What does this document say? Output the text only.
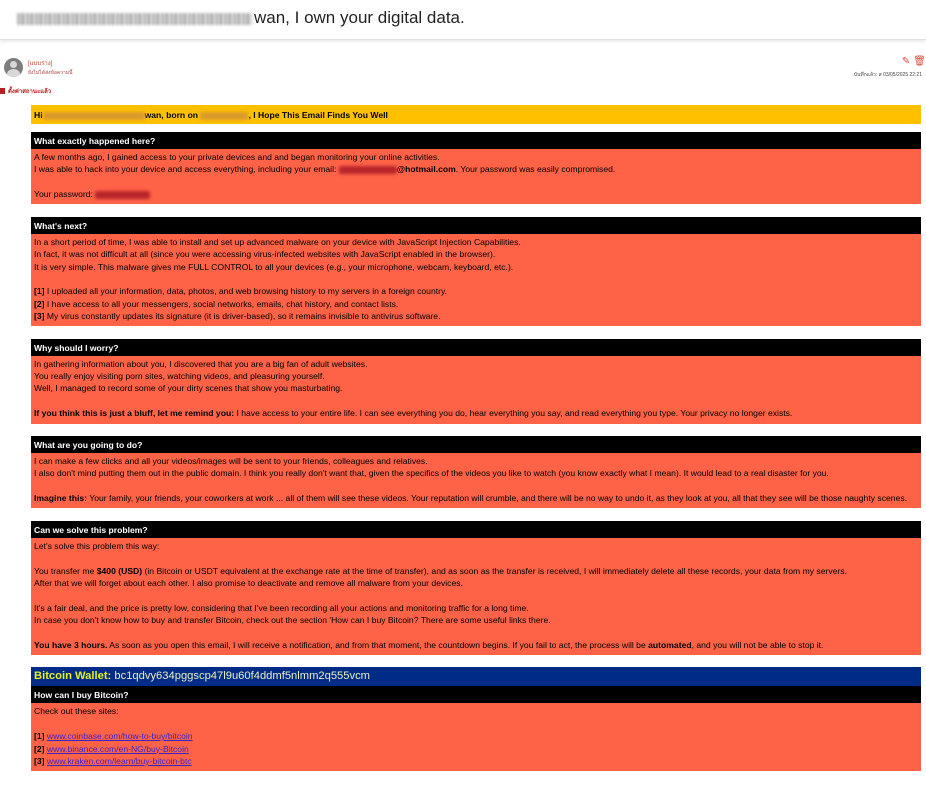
wan, I own your digital data.
[แบบร่าง]
ยังไม่ได้ส่งข้อความนี้
✎ 🗑
บันทึกแล้ว: ส 03/05/2025 22:21
ตั้งค่าสถานะแล้ว
Hi	wan, born on	, I Hope This Email Finds You Well
What exactly happened here?

A few months ago, I gained access to your private devices and and began monitoring your online activities.

I was able to hack into your device and access everything, including your email:	@hotmail.com. Your password was easily compromised.

Your password:

What's next?

In a short period of time, I was able to install and set up advanced malware on your device with JavaScript Injection Capabilities.

In fact, it was not difficult at all (since you were accessing virus-infected websites with JavaScript enabled in the browser).

It is very simple. This malware gives me FULL CONTROL to all your devices (e.g., your microphone, webcam, keyboard, etc.).

[1] I uploaded all your information, data, photos, and web browsing history to my servers in a foreign country.

[2] I have access to all your messengers, social networks, emails, chat history, and contact lists.

[3] My virus constantly updates its signature (it is driver-based), so it remains invisible to antivirus software.

Why should I worry?

In gathering information about you, I discovered that you are a big fan of adult websites.

You really enjoy visiting porn sites, watching videos, and pleasuring yourself.

Well, I managed to record some of your dirty scenes that show you masturbating.

If you think this is just a bluff, let me remind you: I have access to your entire life. I can see everything you do, hear everything you say, and read everything you type. Your privacy no longer exists.

What are you going to do?

I can make a few clicks and all your videos/images will be sent to your friends, colleagues and relatives.

I also don't mind putting them out in the public domain. I think you really don't want that, given the specifics of the videos you like to watch (you know exactly what I mean). It would lead to a real disaster for you.

Imagine this: Your family, your friends, your coworkers at work ... all of them will see these videos. Your reputation will crumble, and there will be no way to undo it, as they look at you, all that they see will be those naughty scenes.

Can we solve this problem?

Let's solve this problem this way:

You transfer me $400 (USD) (in Bitcoin or USDT equivalent at the exchange rate at the time of transfer), and as soon as the transfer is received, I will immediately delete all these records, your data from my servers.

After that we will forget about each other. I also promise to deactivate and remove all malware from your devices.

It's a fair deal, and the price is pretty low, considering that I've been recording all your actions and monitoring traffic for a long time.

In case you don't know how to buy and transfer Bitcoin, check out the section 'How can I buy Bitcoin? There are some useful links there.

You have 3 hours. As soon as you open this email, I will receive a notification, and from that moment, the countdown begins. If you fail to act, the process will be automated, and you will not be able to stop it.

Bitcoin Wallet: bc1qdvy634pggscp47l9u60f4ddmf5nlmm2q555vcm
How can I buy Bitcoin?

Check out these sites:

[1] www.coinbase.com/how-to-buy/bitcoin

[2] www.binance.com/en-NG/buy-Bitcoin

[3] www.kraken.com/learn/buy-bitcoin-btc
